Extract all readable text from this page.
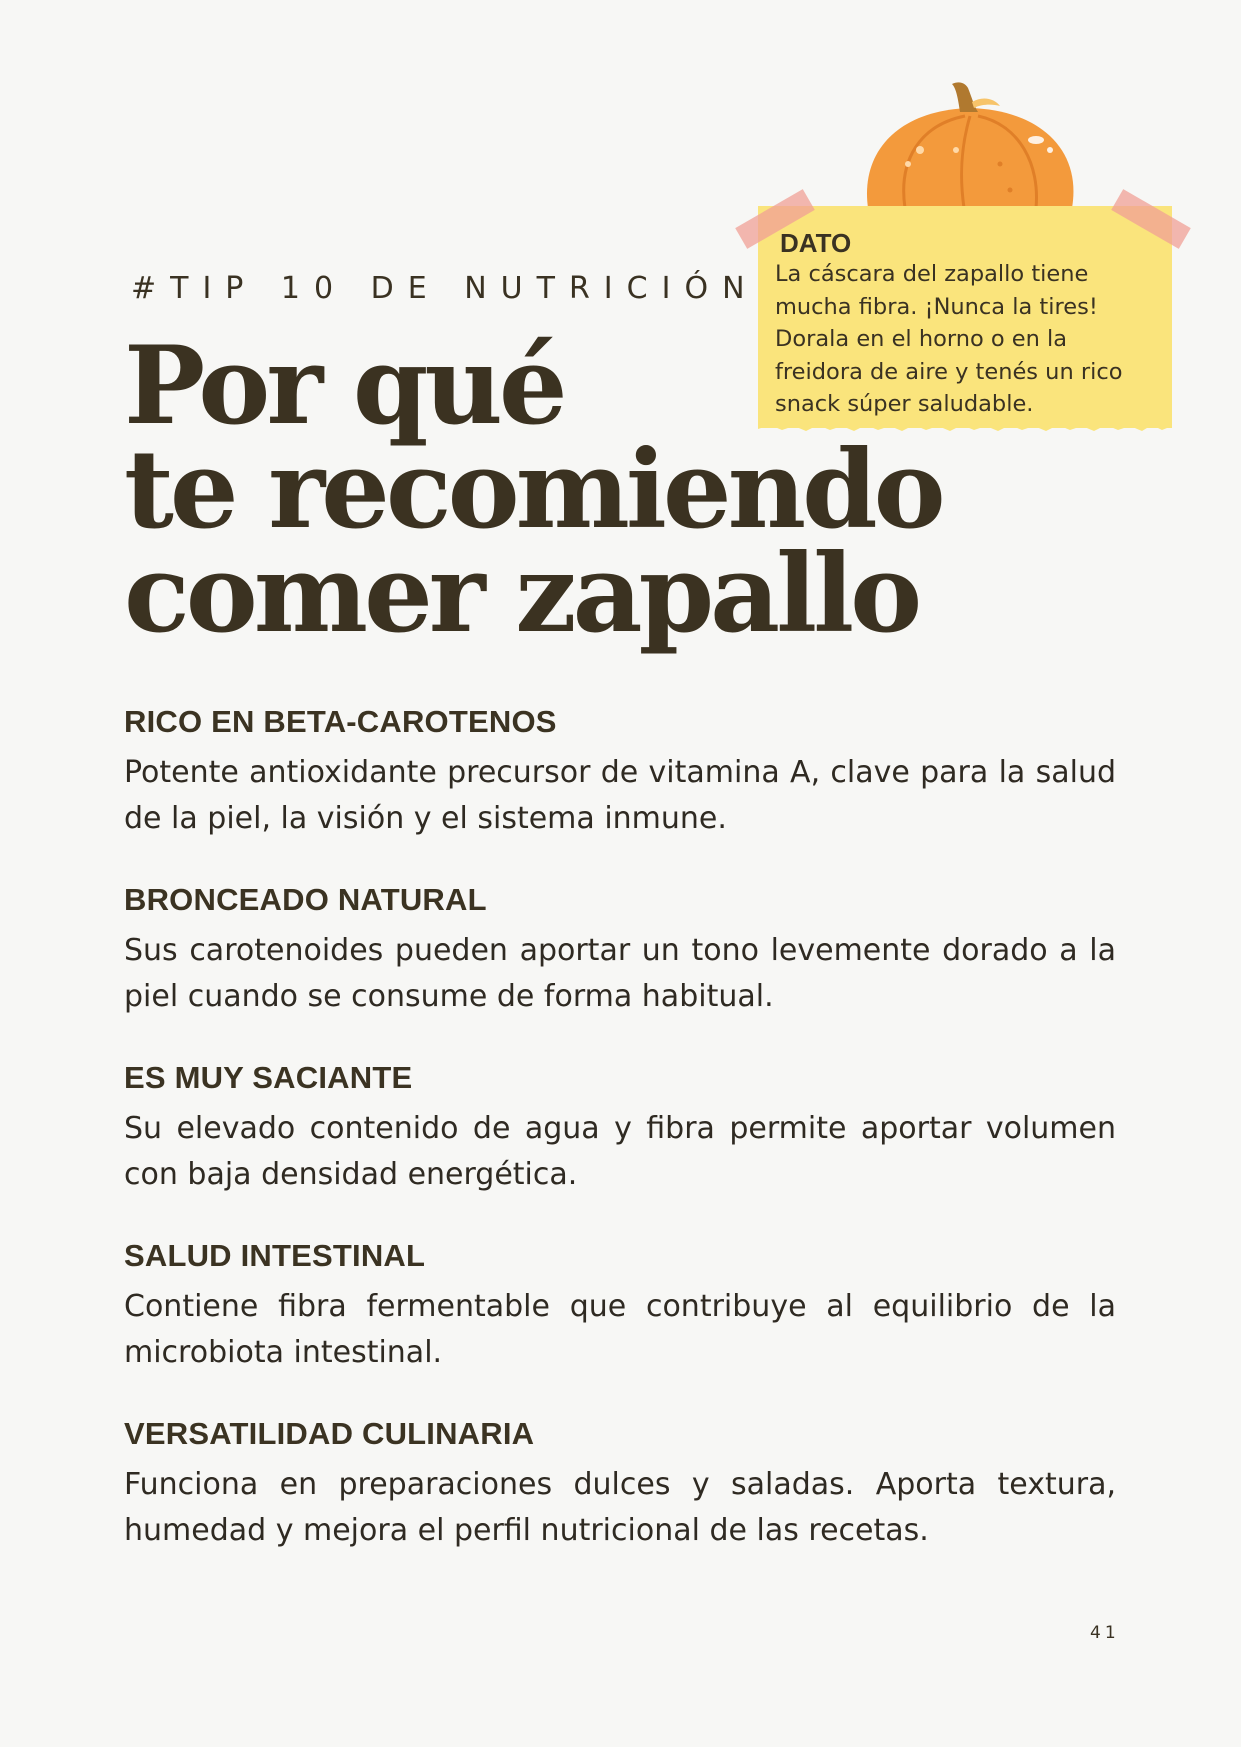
DATO
La cáscara del zapallo tiene mucha fibra. ¡Nunca la tires! Dorala en el horno o en la freidora de aire y tenés un rico snack súper saludable.
#TIP 10 DE NUTRICIÓN
Por qué
te recomiendo
comer zapallo
RICO EN BETA-CAROTENOS

Potente antioxidante precursor de vitamina A, clave para la salud de la piel, la visión y el sistema inmune.

BRONCEADO NATURAL

Sus carotenoides pueden aportar un tono levemente dorado a la piel cuando se consume de forma habitual.

ES MUY SACIANTE

Su elevado contenido de agua y fibra permite aportar volumen con baja densidad energética.

SALUD INTESTINAL

Contiene fibra fermentable que contribuye al equilibrio de la microbiota intestinal.

VERSATILIDAD CULINARIA

Funciona en preparaciones dulces y saladas. Aporta textura, humedad y mejora el perfil nutricional de las recetas.

41
